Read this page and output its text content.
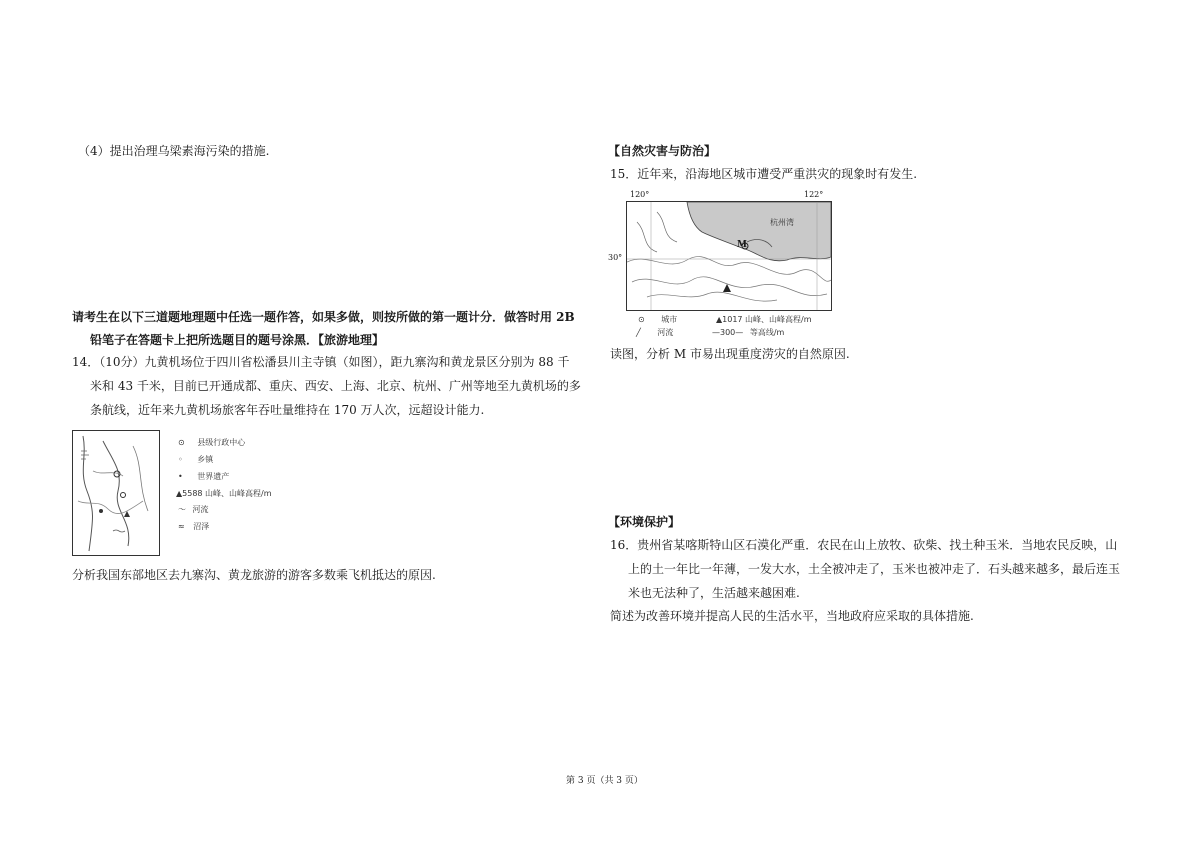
（4）提出治理乌梁素海污染的措施.
请考生在以下三道题地理题中任选一题作答，如果多做，则按所做的第一题计分．做答时用 2B
铅笔子在答题卡上把所选题目的题号涂黑．【旅游地理】
14．（10分）九黄机场位于四川省松潘县川主寺镇（如图），距九寨沟和黄龙景区分别为 88 千
米和 43 千米，目前已开通成都、重庆、西安、上海、北京、杭州、广州等地至九黄机场的多
条航线，近年来九黄机场旅客年吞吐量维持在 170 万人次，远超设计能力.
⊙ 县级行政中心
◦ 乡镇
• 世界遗产
▲5588 山峰、山峰高程/m
〜 河流
≈ 沼泽
分析我国东部地区去九寨沟、黄龙旅游的游客多数乘飞机抵达的原因.
【自然灾害与防治】
15．近年来，沿海地区城市遭受严重洪灾的现象时有发生.
120°	122°
30°
杭州湾
M
⊙ 城市	▲1017 山峰、山峰高程/m
╱ 河流	—300— 等高线/m
读图，分析 M 市易出现重度涝灾的自然原因.
【环境保护】
16．贵州省某喀斯特山区石漠化严重．农民在山上放牧、砍柴、找土种玉米．当地农民反映，山
上的土一年比一年薄，一发大水，土全被冲走了，玉米也被冲走了．石头越来越多，最后连玉
米也无法种了，生活越来越困难.
简述为改善环境并提高人民的生活水平，当地政府应采取的具体措施.
第 3 页（共 3 页）
